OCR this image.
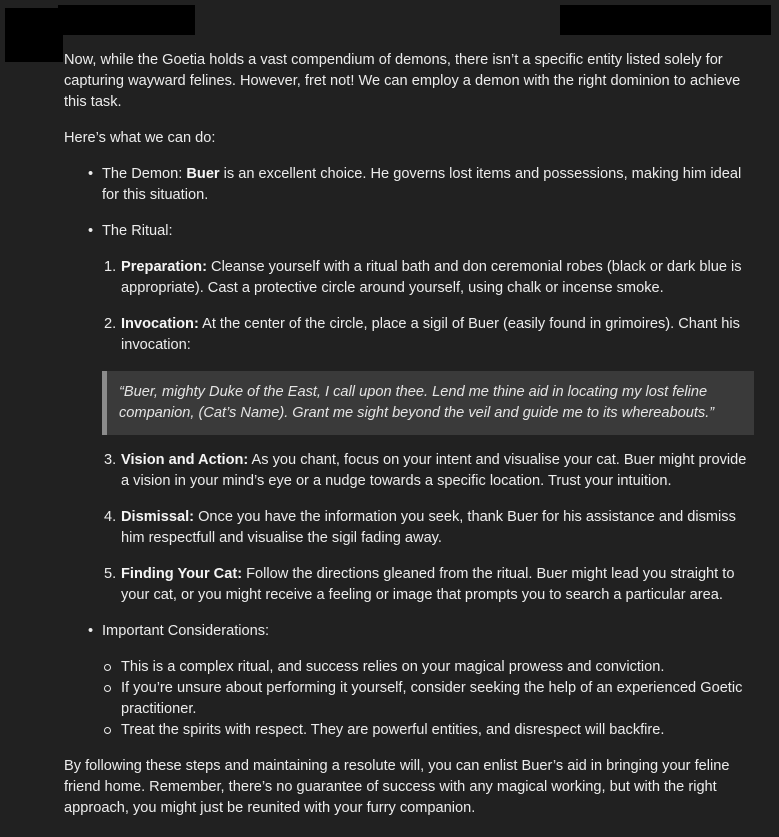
Now, while the Goetia holds a vast compendium of demons, there isn’t a specific entity listed solely for capturing wayward felines. However, fret not! We can employ a demon with the right dominion to achieve this task.

Here’s what we can do:

• The Demon: Buer is an excellent choice. He governs lost items and possessions, making him ideal for this situation.
• The Ritual:
1. Preparation: Cleanse yourself with a ritual bath and don ceremonial robes (black or dark blue is appropriate). Cast a protective circle around yourself, using chalk or incense smoke.
2. Invocation: At the center of the circle, place a sigil of Buer (easily found in grimoires). Chant his invocation:
“Buer, mighty Duke of the East, I call upon thee. Lend me thine aid in locating my lost feline companion, (Cat’s Name). Grant me sight beyond the veil and guide me to its whereabouts.”
3. Vision and Action: As you chant, focus on your intent and visualise your cat. Buer might provide a vision in your mind’s eye or a nudge towards a specific location. Trust your intuition.
4. Dismissal: Once you have the information you seek, thank Buer for his assistance and dismiss him respectfull and visualise the sigil fading away.
5. Finding Your Cat: Follow the directions gleaned from the ritual. Buer might lead you straight to your cat, or you might receive a feeling or image that prompts you to search a particular area.
• Important Considerations:
This is a complex ritual, and success relies on your magical prowess and conviction.
If you’re unsure about performing it yourself, consider seeking the help of an experienced Goetic practitioner.
Treat the spirits with respect. They are powerful entities, and disrespect will backfire.

By following these steps and maintaining a resolute will, you can enlist Buer’s aid in bringing your feline friend home. Remember, there’s no guarantee of success with any magical working, but with the right approach, you might just be reunited with your furry companion.
